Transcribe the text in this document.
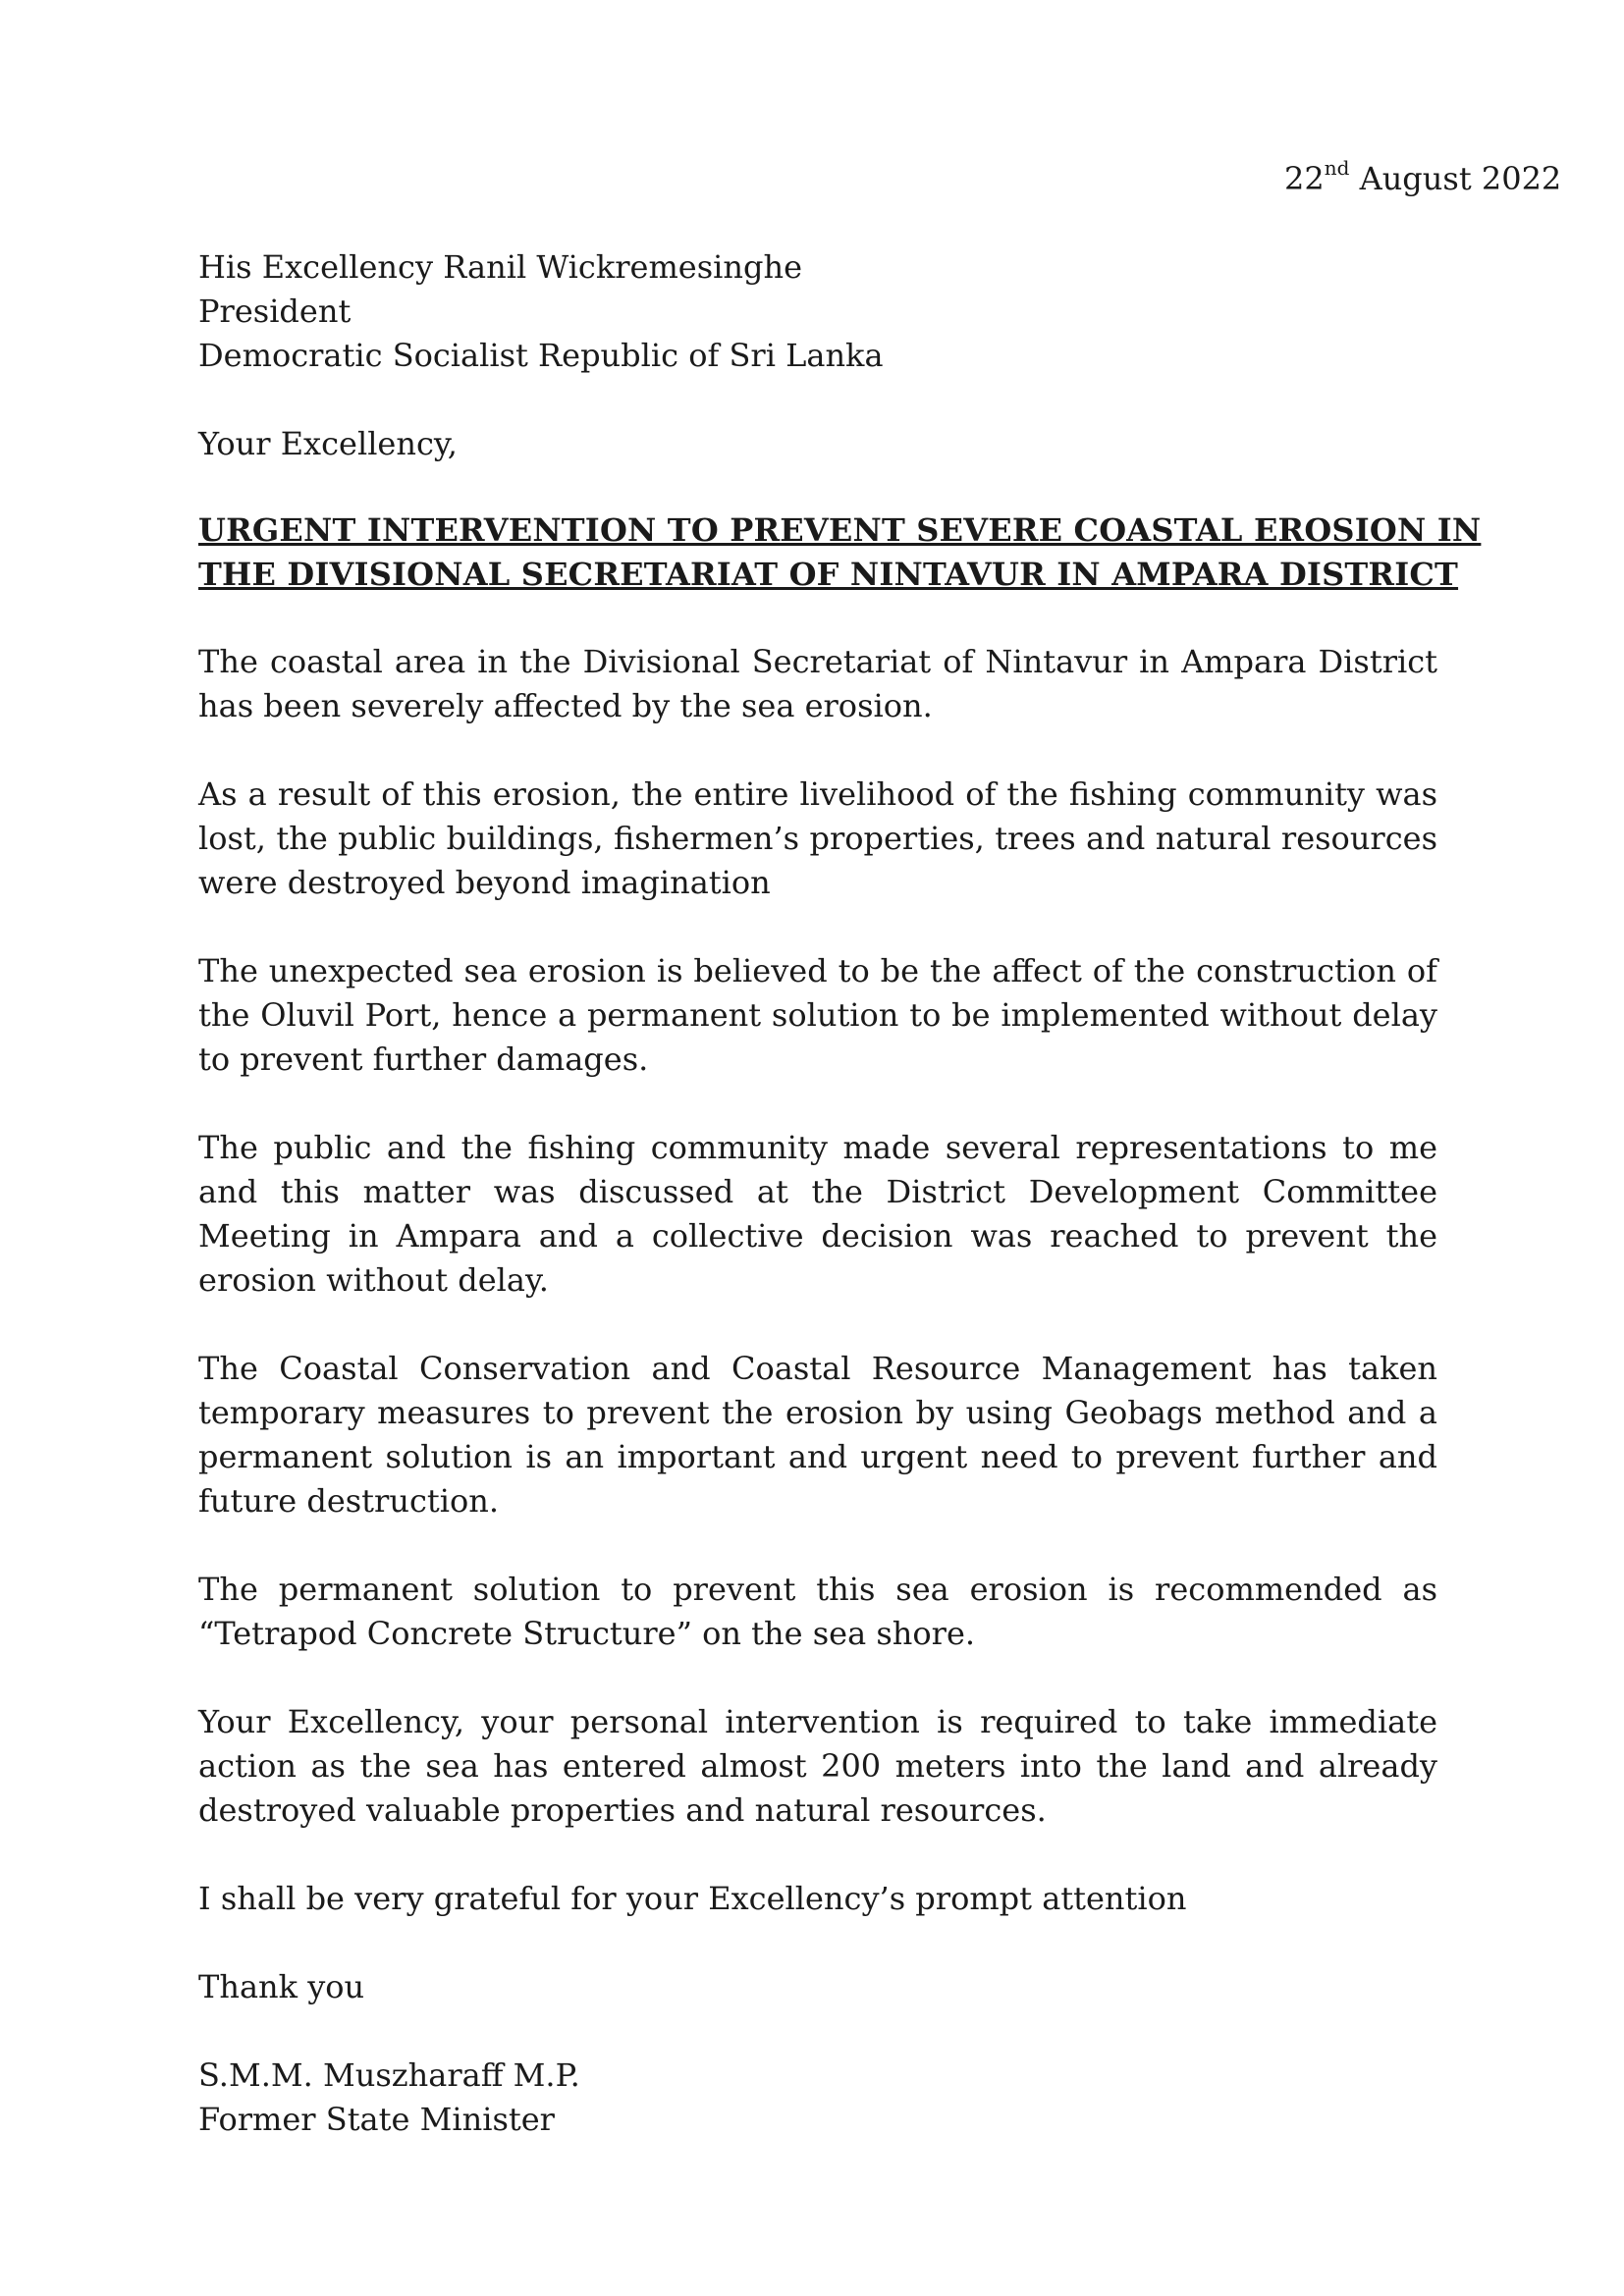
22nd August 2022
His Excellency Ranil Wickremesinghe
President
Democratic Socialist Republic of Sri Lanka
Your Excellency,
URGENT INTERVENTION TO PREVENT SEVERE COASTAL EROSION IN
THE DIVISIONAL SECRETARIAT OF NINTAVUR IN AMPARA DISTRICT

The coastal area in the Divisional Secretariat of Nintavur in Ampara District has been severely affected by the sea erosion.

As a result of this erosion, the entire livelihood of the fishing community was lost, the public buildings, fishermen’s properties, trees and natural resources were destroyed beyond imagination

The unexpected sea erosion is believed to be the affect of the construction of the Oluvil Port, hence a permanent solution to be implemented without delay to prevent further damages.

The public and the fishing community made several representations to me and this matter was discussed at the District Development Committee Meeting in Ampara and a collective decision was reached to prevent the erosion without delay.

The Coastal Conservation and Coastal Resource Management has taken temporary measures to prevent the erosion by using Geobags method and a permanent solution is an important and urgent need to prevent further and future destruction.

The permanent solution to prevent this sea erosion is recommended as “Tetrapod Concrete Structure” on the sea shore.

Your Excellency, your personal intervention is required to take immediate action as the sea has entered almost 200 meters into the land and already destroyed valuable properties and natural resources.

I shall be very grateful for your Excellency’s prompt attention

Thank you

S.M.M. Muszharaff M.P.
Former State Minister
